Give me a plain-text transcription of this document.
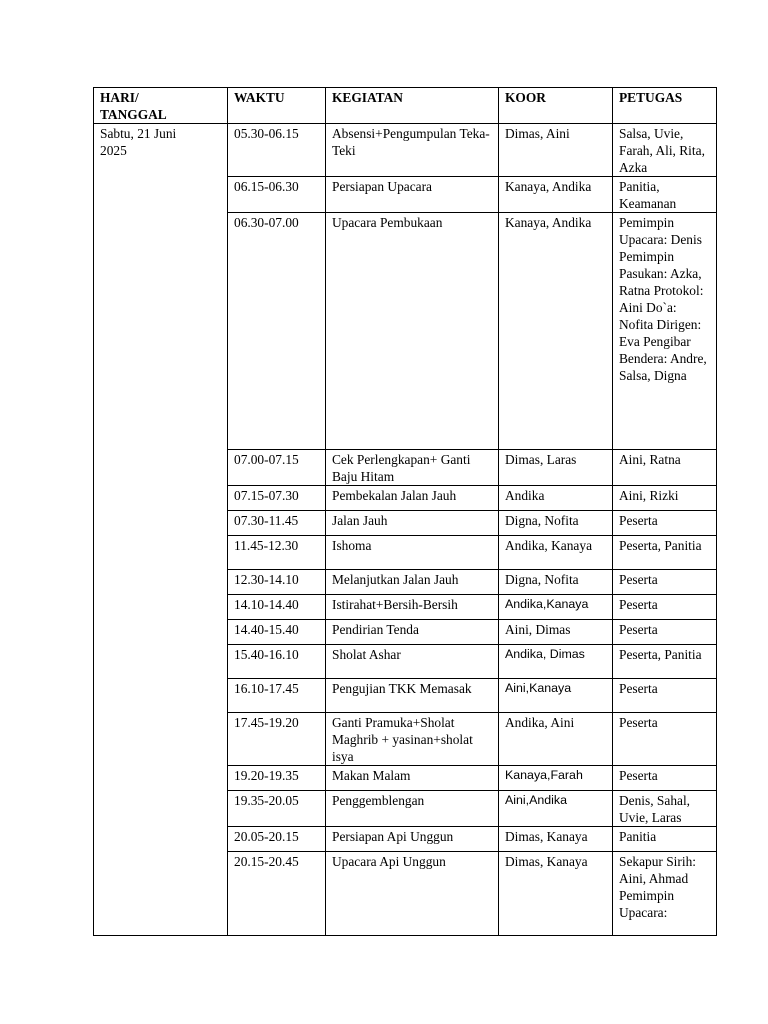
HARI/
TANGGAL	WAKTU	KEGIATAN	KOOR	PETUGAS
Sabtu, 21 Juni 2025	05.30-06.15	Absensi+Pengumpulan Teka-Teki	Dimas, Aini	Salsa, Uvie, Farah, Ali, Rita, Azka
	06.15-06.30	Persiapan Upacara	Kanaya, Andika	Panitia, Keamanan
	06.30-07.00	Upacara Pembukaan	Kanaya, Andika	Pemimpin Upacara: Denis Pemimpin Pasukan: Azka, Ratna Protokol: Aini Do`a: Nofita Dirigen: Eva Pengibar Bendera: Andre, Salsa, Digna
	07.00-07.15	Cek Perlengkapan+ Ganti Baju Hitam	Dimas, Laras	Aini, Ratna
	07.15-07.30	Pembekalan Jalan Jauh	Andika	Aini, Rizki
	07.30-11.45	Jalan Jauh	Digna, Nofita	Peserta
	11.45-12.30	Ishoma	Andika, Kanaya	Peserta, Panitia
	12.30-14.10	Melanjutkan Jalan Jauh	Digna, Nofita	Peserta
	14.10-14.40	Istirahat+Bersih-Bersih	Andika,Kanaya	Peserta
	14.40-15.40	Pendirian Tenda	Aini, Dimas	Peserta
	15.40-16.10	Sholat Ashar	Andika, Dimas	Peserta, Panitia
	16.10-17.45	Pengujian TKK Memasak	Aini,Kanaya	Peserta
	17.45-19.20	Ganti Pramuka+Sholat Maghrib + yasinan+sholat isya	Andika, Aini	Peserta
	19.20-19.35	Makan Malam	Kanaya,Farah	Peserta
	19.35-20.05	Penggemblengan	Aini,Andika	Denis, Sahal, Uvie, Laras
	20.05-20.15	Persiapan Api Unggun	Dimas, Kanaya	Panitia
	20.15-20.45	Upacara Api Unggun	Dimas, Kanaya	Sekapur Sirih: Aini, Ahmad Pemimpin Upacara:
